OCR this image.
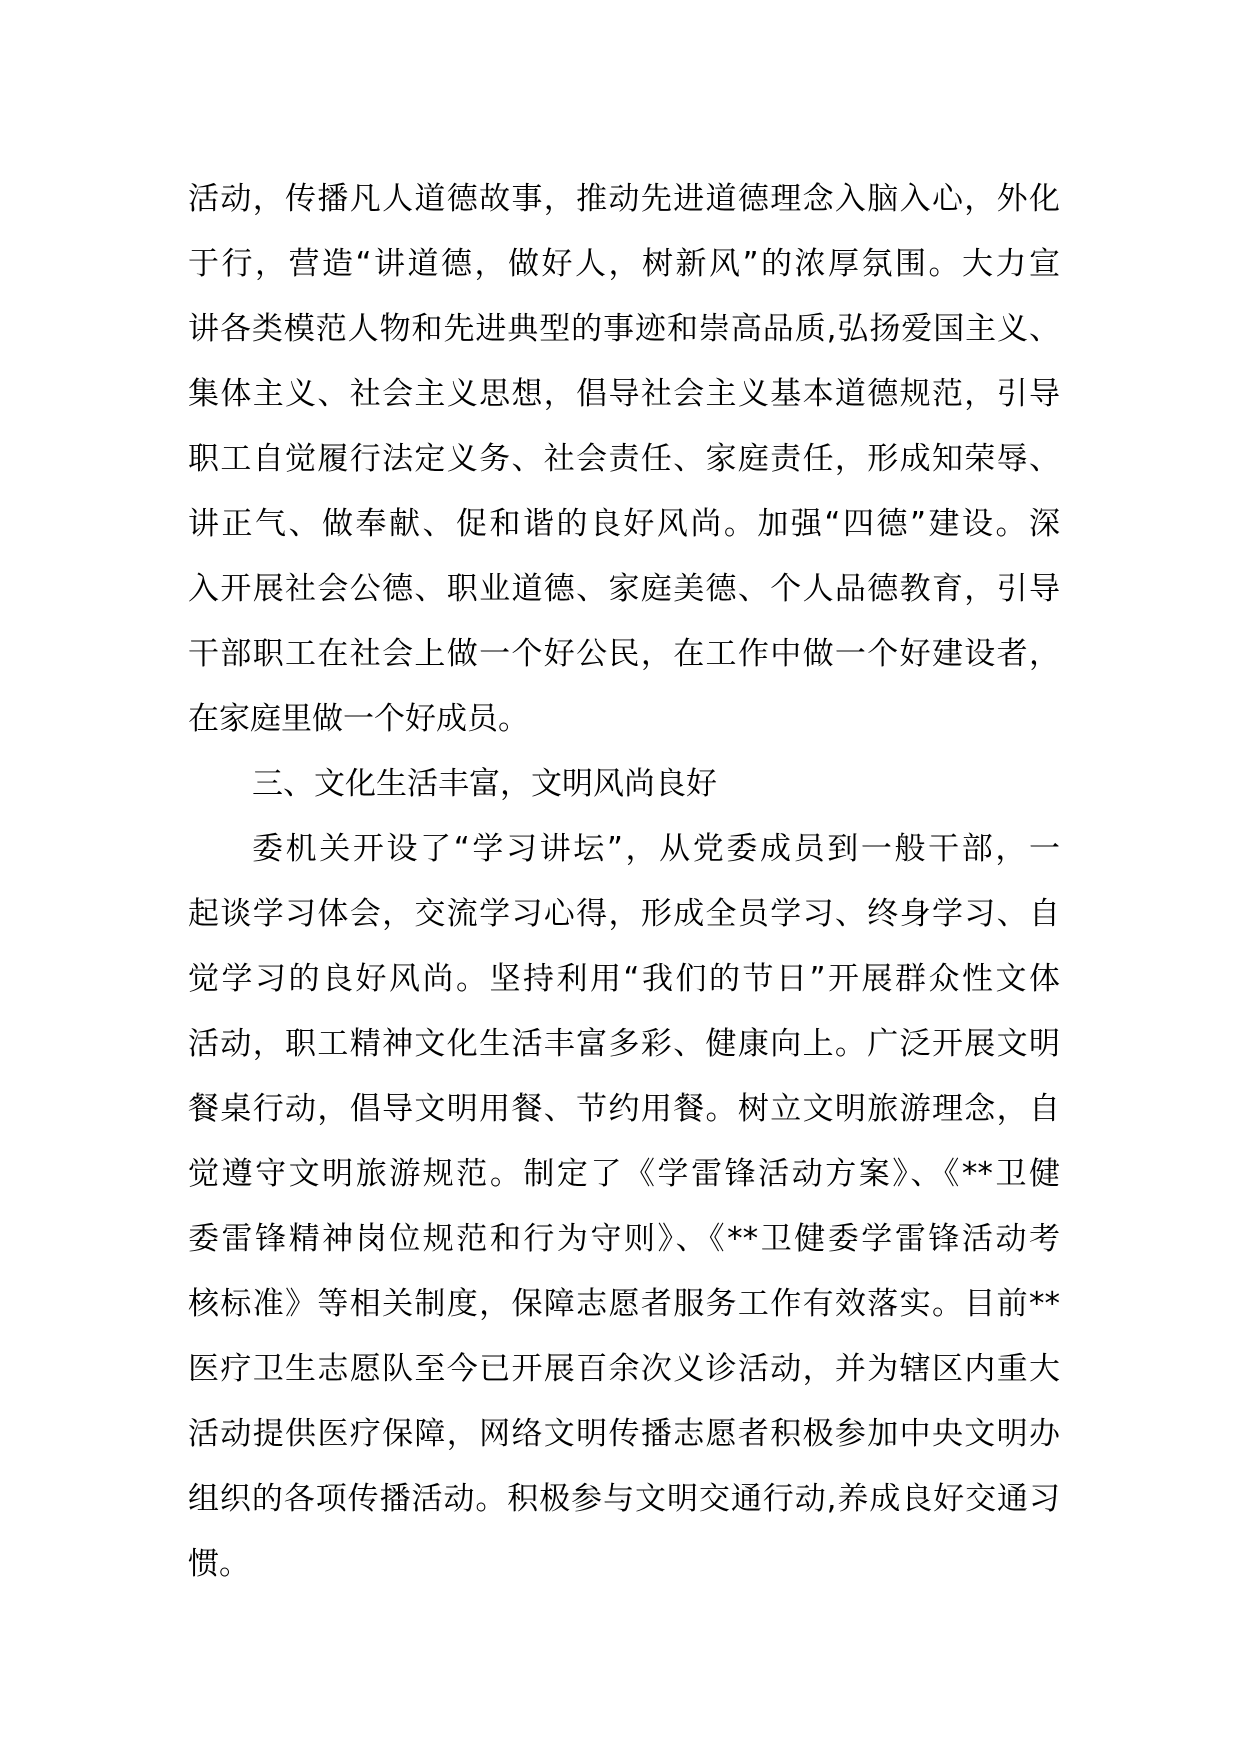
活动，传播凡人道德故事，推动先进道德理念入脑入心，外化
于行，营造“讲道德，做好人，树新风”的浓厚氛围。大力宣
讲各类模范人物和先进典型的事迹和崇高品质,弘扬爱国主义、
集体主义、社会主义思想，倡导社会主义基本道德规范，引导
职工自觉履行法定义务、社会责任、家庭责任，形成知荣辱、
讲正气、做奉献、促和谐的良好风尚。加强“四德”建设。深
入开展社会公德、职业道德、家庭美德、个人品德教育，引导
干部职工在社会上做一个好公民，在工作中做一个好建设者，
在家庭里做一个好成员。
三、文化生活丰富，文明风尚良好
委机关开设了“学习讲坛”，从党委成员到一般干部，一
起谈学习体会，交流学习心得，形成全员学习、终身学习、自
觉学习的良好风尚。坚持利用“我们的节日”开展群众性文体
活动，职工精神文化生活丰富多彩、健康向上。广泛开展文明
餐桌行动，倡导文明用餐、节约用餐。树立文明旅游理念，自
觉遵守文明旅游规范。制定了《学雷锋活动方案》、《**卫健
委雷锋精神岗位规范和行为守则》、《**卫健委学雷锋活动考
核标准》等相关制度，保障志愿者服务工作有效落实。目前**
医疗卫生志愿队至今已开展百余次义诊活动，并为辖区内重大
活动提供医疗保障，网络文明传播志愿者积极参加中央文明办
组织的各项传播活动。积极参与文明交通行动,养成良好交通习
惯。
